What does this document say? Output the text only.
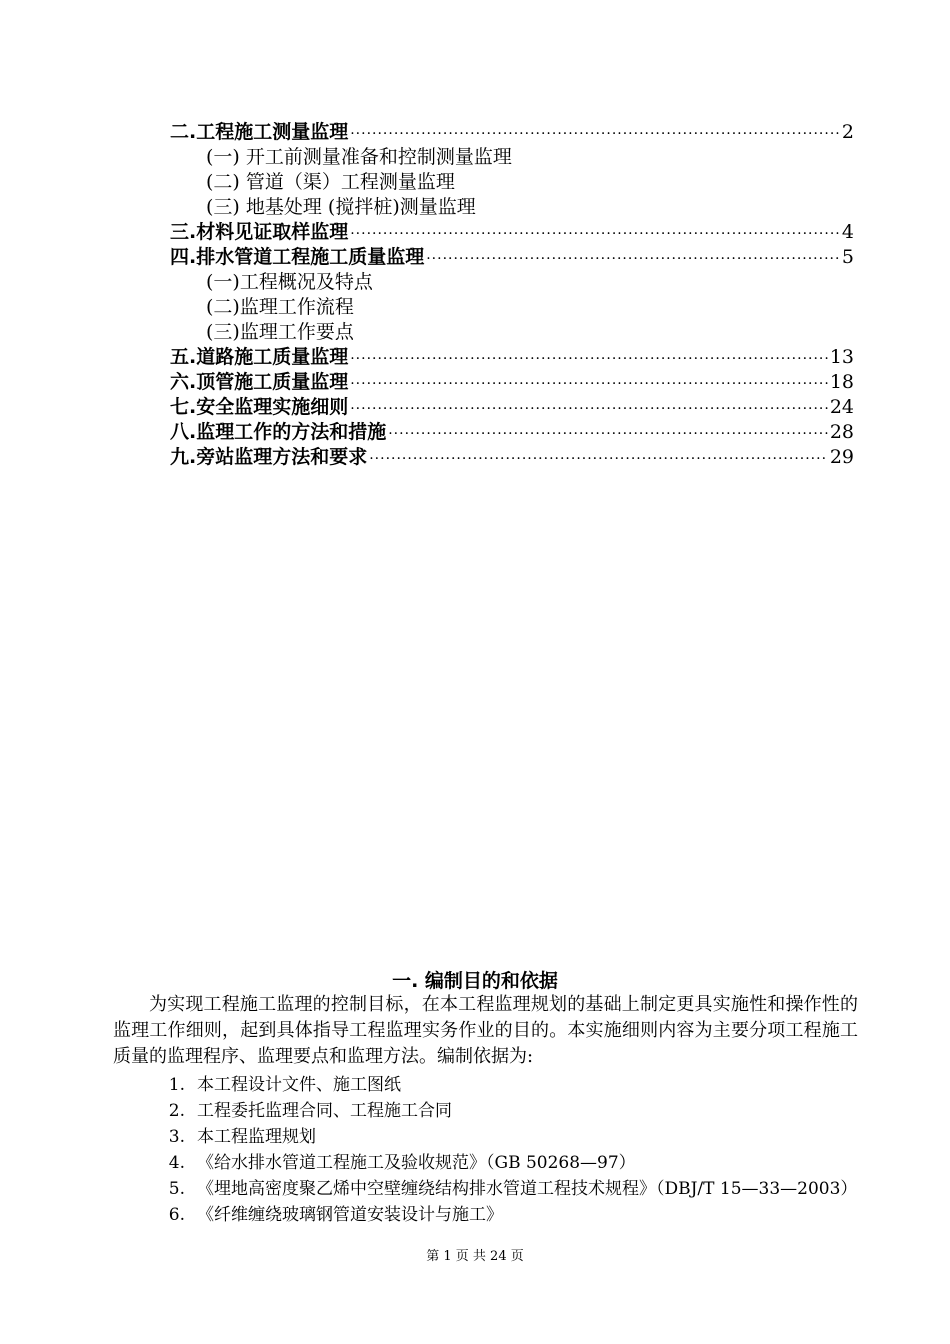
二.工程施工测量监理 ·····	2
(一) 开工前测量准备和控制测量监理
(二) 管道（渠）工程测量监理
(三) 地基处理 (搅拌桩)测量监理
三.材料见证取样监理 ·····	4
四.排水管道工程施工质量监理 ·····	5
(一)工程概况及特点
(二)监理工作流程
(三)监理工作要点
五.道路施工质量监理 ·····	13
六.顶管施工质量监理 ·····	18
七.安全监理实施细则 ·····	24
八.监理工作的方法和措施 ·····	28
九.旁站监理方法和要求 ·····	29
一. 编制目的和依据

为实现工程施工监理的控制目标，在本工程监理规划的基础上制定更具实施性和操作性的监理工作细则，起到具体指导工程监理实务作业的目的。本实施细则内容为主要分项工程施工质量的监理程序、监理要点和监理方法。编制依据为:

1. 本工程设计文件、施工图纸
2. 工程委托监理合同、工程施工合同
3. 本工程监理规划
4. 《给水排水管道工程施工及验收规范》（GB 50268—97）
5. 《埋地高密度聚乙烯中空壁缠绕结构排水管道工程技术规程》（DBJ/T 15—33—2003）
6. 《纤维缠绕玻璃钢管道安装设计与施工》
第 1 页 共 24 页
